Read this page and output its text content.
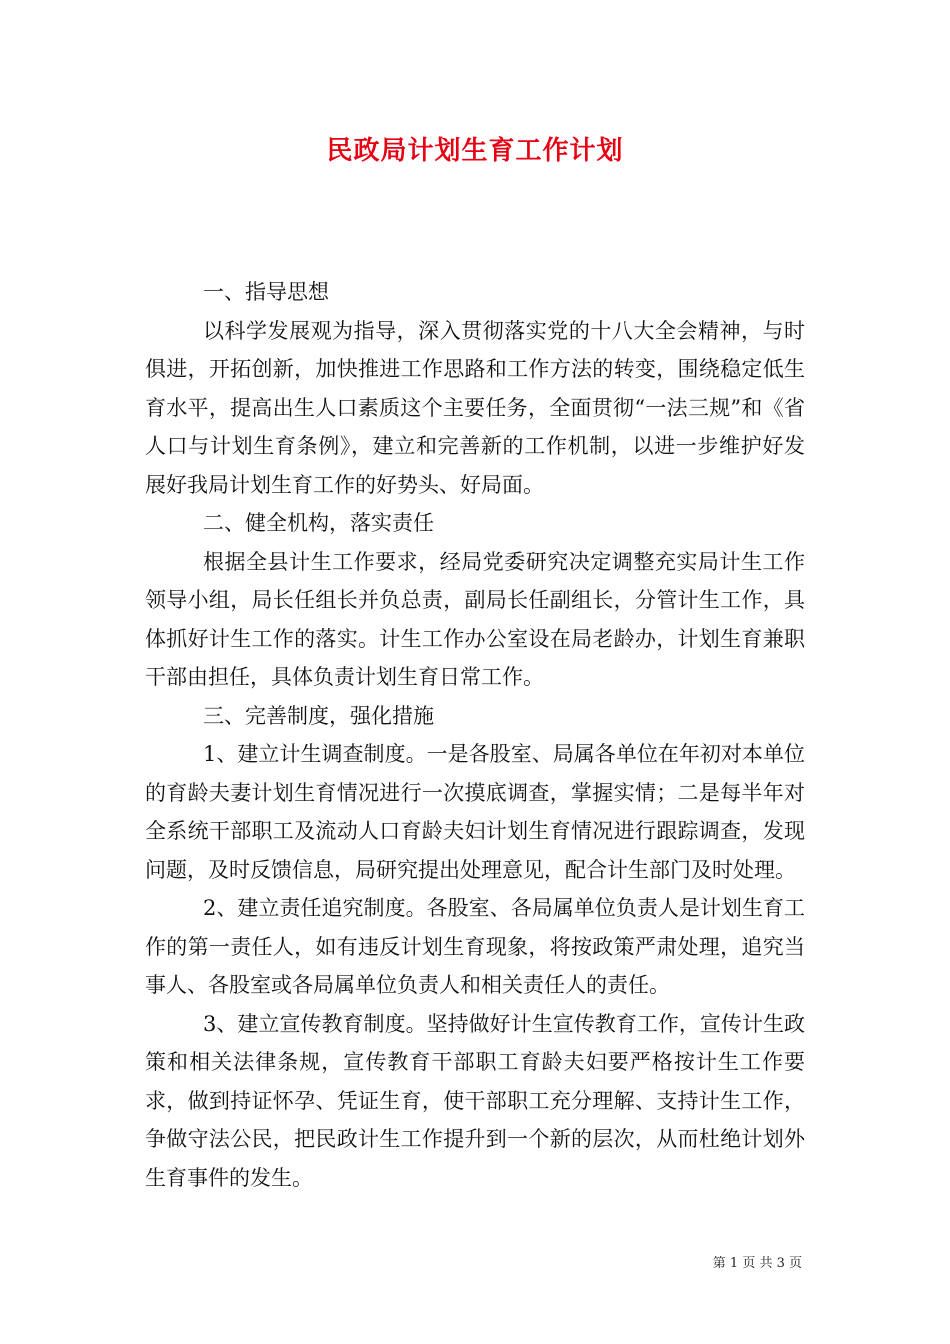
民政局计划生育工作计划
一、指导思想
以科学发展观为指导，深入贯彻落实党的十八大全会精神，与时俱进，开拓创新，加快推进工作思路和工作方法的转变，围绕稳定低生育水平，提高出生人口素质这个主要任务，全面贯彻“一法三规”和《省人口与计划生育条例》，建立和完善新的工作机制，以进一步维护好发展好我局计划生育工作的好势头、好局面。
二、健全机构，落实责任
根据全县计生工作要求，经局党委研究决定调整充实局计生工作领导小组，局长任组长并负总责，副局长任副组长，分管计生工作，具体抓好计生工作的落实。计生工作办公室设在局老龄办，计划生育兼职干部由担任，具体负责计划生育日常工作。
三、完善制度，强化措施
1、建立计生调查制度。一是各股室、局属各单位在年初对本单位的育龄夫妻计划生育情况进行一次摸底调查，掌握实情；二是每半年对全系统干部职工及流动人口育龄夫妇计划生育情况进行跟踪调查，发现问题，及时反馈信息，局研究提出处理意见，配合计生部门及时处理。
2、建立责任追究制度。各股室、各局属单位负责人是计划生育工作的第一责任人，如有违反计划生育现象，将按政策严肃处理，追究当事人、各股室或各局属单位负责人和相关责任人的责任。
3、建立宣传教育制度。坚持做好计生宣传教育工作，宣传计生政策和相关法律条规，宣传教育干部职工育龄夫妇要严格按计生工作要求，做到持证怀孕、凭证生育，使干部职工充分理解、支持计生工作，争做守法公民，把民政计生工作提升到一个新的层次，从而杜绝计划外生育事件的发生。
第 1 页 共 3 页
